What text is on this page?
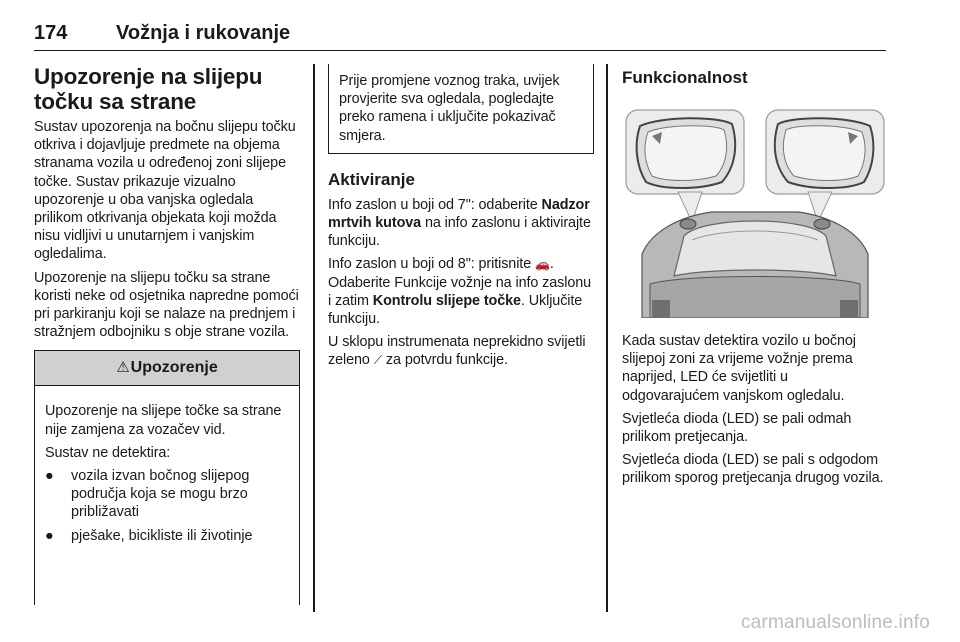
174 Vožnja i rukovanje
Upozorenje na slijepu točku sa strane

Sustav upozorenja na bočnu slijepu točku otkriva i dojavljuje predmete na objema stranama vozila u određenoj zoni slijepe točke. Sustav prikazuje vizualno upozorenje u oba vanjska ogledala prilikom otkrivanja objekata koji možda nisu vidljivi u unutarnjem i vanjskim ogledalima.

Upozorenje na slijepu točku sa strane koristi neke od osjetnika napredne pomoći pri parkiranju koji se nalaze na prednjem i stražnjem odbojniku s obje strane vozila.

⚠Upozorenje

Upozorenje na slijepe točke sa strane nije zamjena za vozačev vid.

Sustav ne detektira:

●	vozila izvan bočnog slijepog područja koja se mogu brzo približavati
●	pješake, bicikliste ili životinje

Prije promjene voznog traka, uvijek provjerite sva ogledala, pogledajte preko ramena i uključite pokazivač smjera.

Aktiviranje

Info zaslon u boji od 7": odaberite Nadzor mrtvih kutova na info zaslonu i aktivirajte funkciju.

Info zaslon u boji od 8": pritisnite 🚗. Odaberite Funkcije vožnje na info zaslonu i zatim Kontrolu slijepe točke. Uključite funkciju.

U sklopu instrumenata neprekidno svijetli zeleno ⟋ za potvrdu funkcije.

Funkcionalnost

Kada sustav detektira vozilo u bočnoj slijepoj zoni za vrijeme vožnje prema naprijed, LED će svijetliti u odgovarajućem vanjskom ogledalu.

Svjetleća dioda (LED) se pali odmah prilikom pretjecanja.

Svjetleća dioda (LED) se pali s odgodom prilikom sporog pretjecanja drugog vozila.

carmanualsonline.info
